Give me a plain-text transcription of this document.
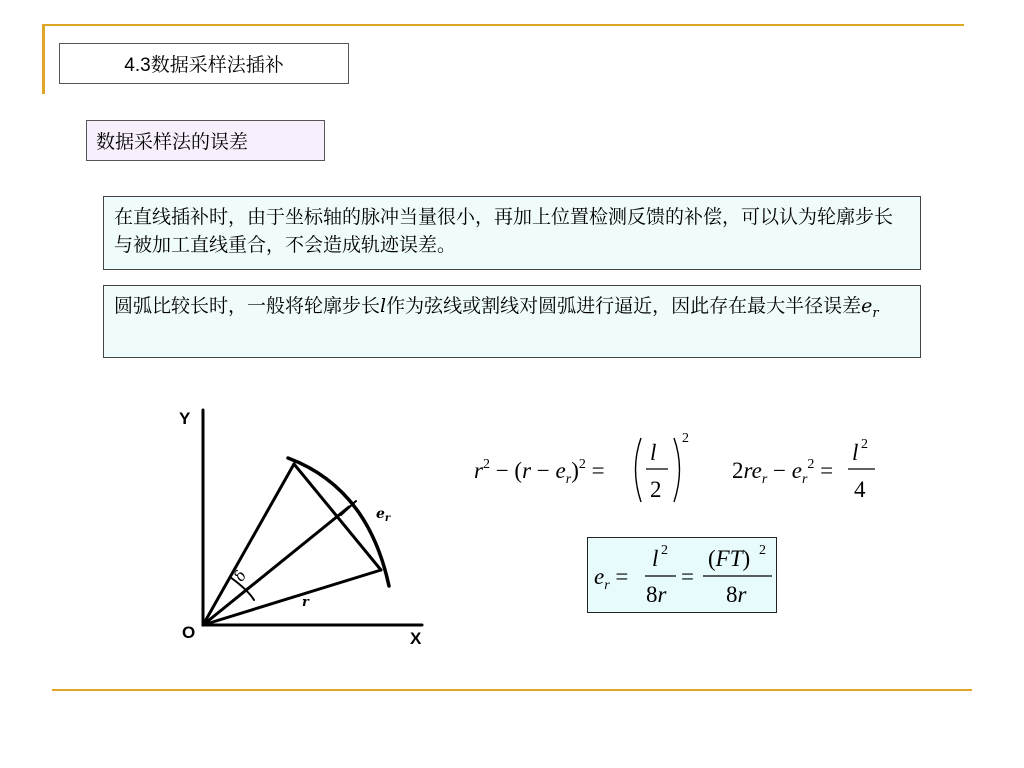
4.3数据采样法插补
数据采样法的误差
在直线插补时，由于坐标轴的脉冲当量很小，再加上位置检测反馈的补偿，可以认为轮廓步长与被加工直线重合，不会造成轨迹误差。
圆弧比较长时，一般将轮廓步长l作为弦线或割线对圆弧进行逼近，因此存在最大半径误差$e_r$
Y
X
O
δ
r
$e_r$
$r^2 - (r - e_r)^2$ =
l
2
2
$2re_r - e_r^2$ =
l 2
4
$e_r$ =
l 2
8r
=
(FT) 2
8r
